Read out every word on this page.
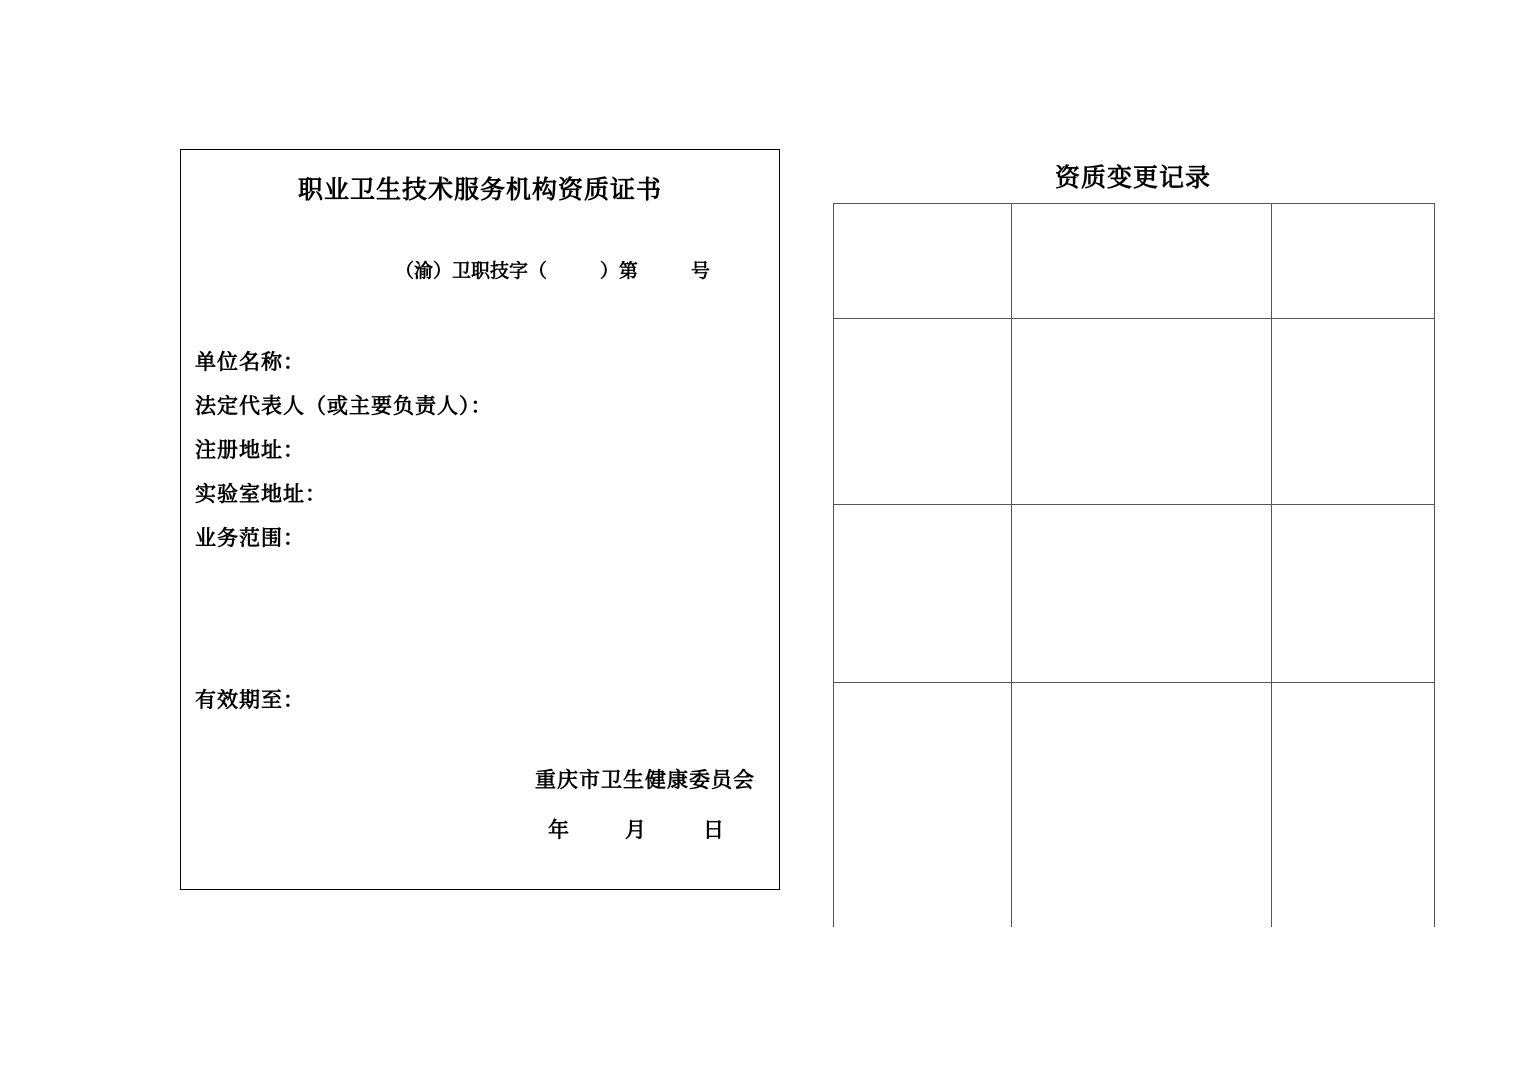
职业卫生技术服务机构资质证书
（渝）卫职技字（        ）第        号
单位名称：
法定代表人（或主要负责人）：
注册地址：
实验室地址：
业务范围：
有效期至：
重庆市卫生健康委员会
年	月	日
资质变更记录
